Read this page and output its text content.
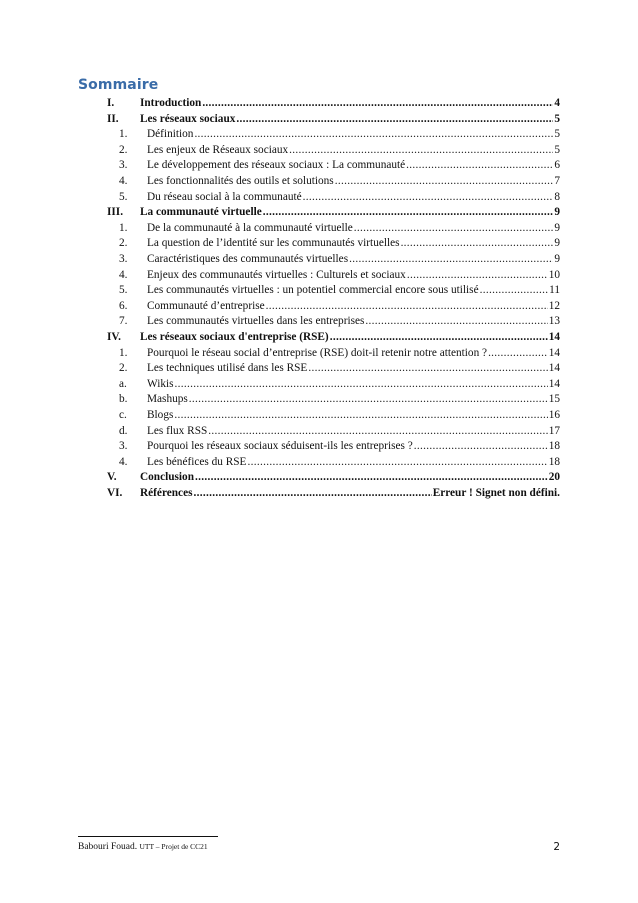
Sommaire
I. Introduction .....	4
II. Les réseaux sociaux .....	5
1. Définition .....	5
2. Les enjeux de Réseaux sociaux .....	5
3. Le développement des réseaux sociaux : La communauté .....	6
4. Les fonctionnalités des outils et solutions .....	7
5. Du réseau social à la communauté .....	8
III. La communauté virtuelle .....	9
1. De la communauté à la communauté virtuelle .....	9
2. La question de l’identité sur les communautés virtuelles .....	9
3. Caractéristiques des communautés virtuelles .....	9
4. Enjeux des communautés virtuelles : Culturels et sociaux .....	10
5. Les communautés virtuelles : un potentiel commercial encore sous utilisé .....	11
6. Communauté d’entreprise .....	12
7. Les communautés virtuelles dans les entreprises .....	13
IV. Les réseaux sociaux d'entreprise (RSE) .....	14
1. Pourquoi le réseau social d’entreprise (RSE) doit-il retenir notre attention ? .....	14
2. Les techniques utilisé dans les RSE .....	14
a. Wikis .....	14
b. Mashups .....	15
c. Blogs .....	16
d. Les flux RSS .....	17
3. Pourquoi les réseaux sociaux séduisent-ils les entreprises ? .....	18
4. Les bénéfices du RSE .....	18
V. Conclusion .....	20
VI. Références .....	Erreur ! Signet non défini.
Babouri Fouad. UTT – Projet de CC21	2
